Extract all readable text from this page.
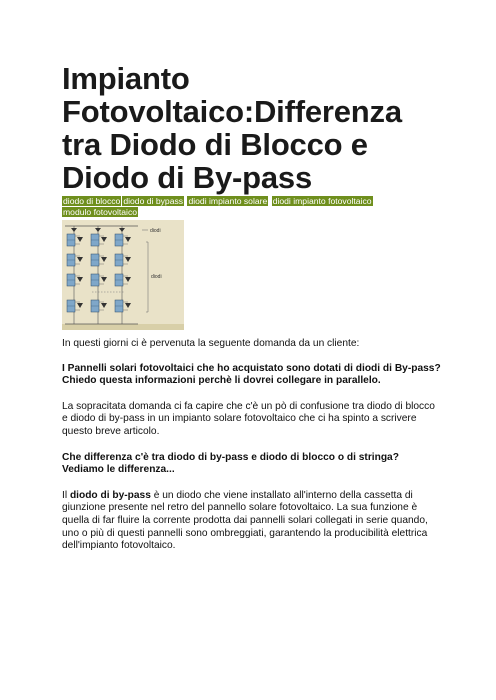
Impianto Fotovoltaico:Differenza tra Diodo di Blocco e Diodo di By-pass
diodo di blocco diodo di bypass diodi impianto solare diodi impianto fotovoltaico modulo fotovoltaico
diodi
diodi

In questi giorni ci è pervenuta la seguente domanda da un cliente:

I Pannelli solari fotovoltaici che ho acquistato sono dotati di diodi di By-pass? Chiedo questa informazioni perchè li dovrei collegare in parallelo.

La sopracitata domanda ci fa capire che c'è un pò di confusione tra diodo di blocco e diodo di by-pass in un impianto solare fotovoltaico che ci ha spinto a scrivere questo breve articolo.

Che differenza c'è tra diodo di by-pass e diodo di blocco o di stringa? Vediamo le differenza...

Il diodo di by-pass è un diodo che viene installato all'interno della cassetta di giunzione presente nel retro del pannello solare fotovoltaico. La sua funzione è quella di far fluire la corrente prodotta dai pannelli solari collegati in serie quando, uno o più di questi pannelli sono ombreggiati, garantendo la producibilità elettrica dell'impianto fotovoltaico.
